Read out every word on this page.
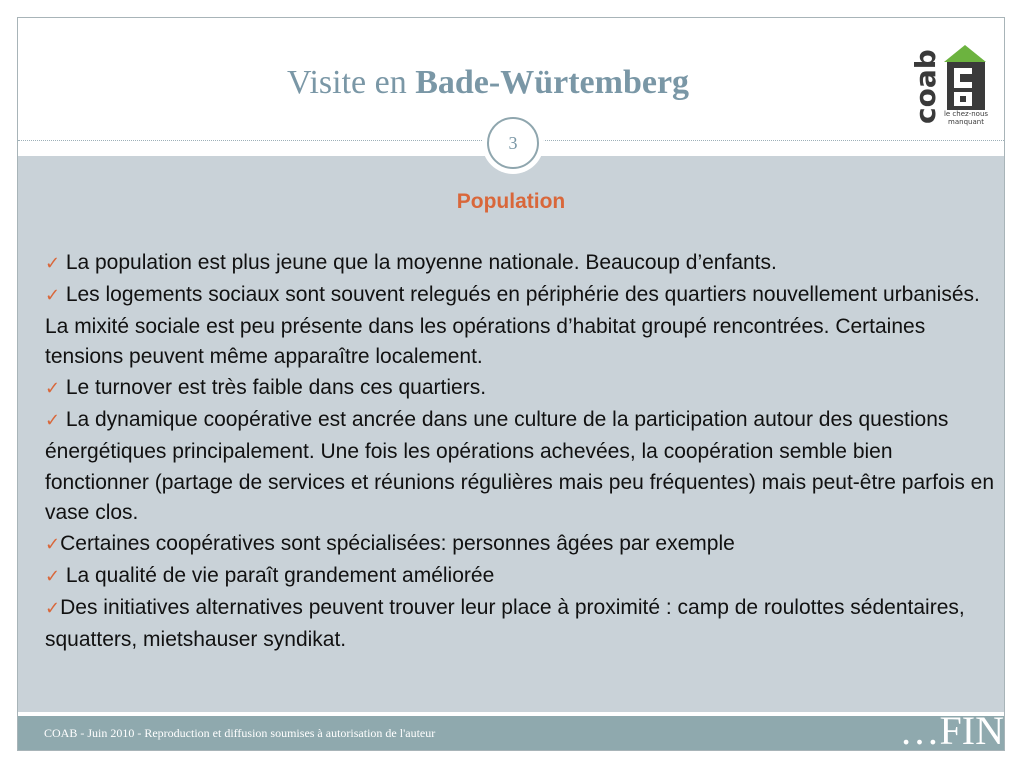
Visite en Bade-Würtemberg	coab le chez-nous
manquant
3
Population
✓ La population est plus jeune que la moyenne nationale. Beaucoup d’enfants.
✓ Les logements sociaux sont souvent relegués en périphérie des quartiers nouvellement urbanisés. La mixité sociale est peu présente dans les opérations d’habitat groupé rencontrées. Certaines tensions peuvent même apparaître localement.
✓ Le turnover est très faible dans ces quartiers.
✓ La dynamique coopérative est ancrée dans une culture de la participation autour des questions énergétiques principalement. Une fois les opérations achevées, la coopération semble bien fonctionner (partage de services et réunions régulières mais peu fréquentes) mais peut-être parfois en vase clos.
✓Certaines coopératives sont spécialisées: personnes âgées par exemple
✓ La qualité de vie paraît grandement améliorée
✓Des initiatives alternatives peuvent trouver leur place à proximité : camp de roulottes sédentaires, squatters, mietshauser syndikat.
COAB - Juin 2010 - Reproduction et diffusion soumises à autorisation de l'auteur	…FIN
